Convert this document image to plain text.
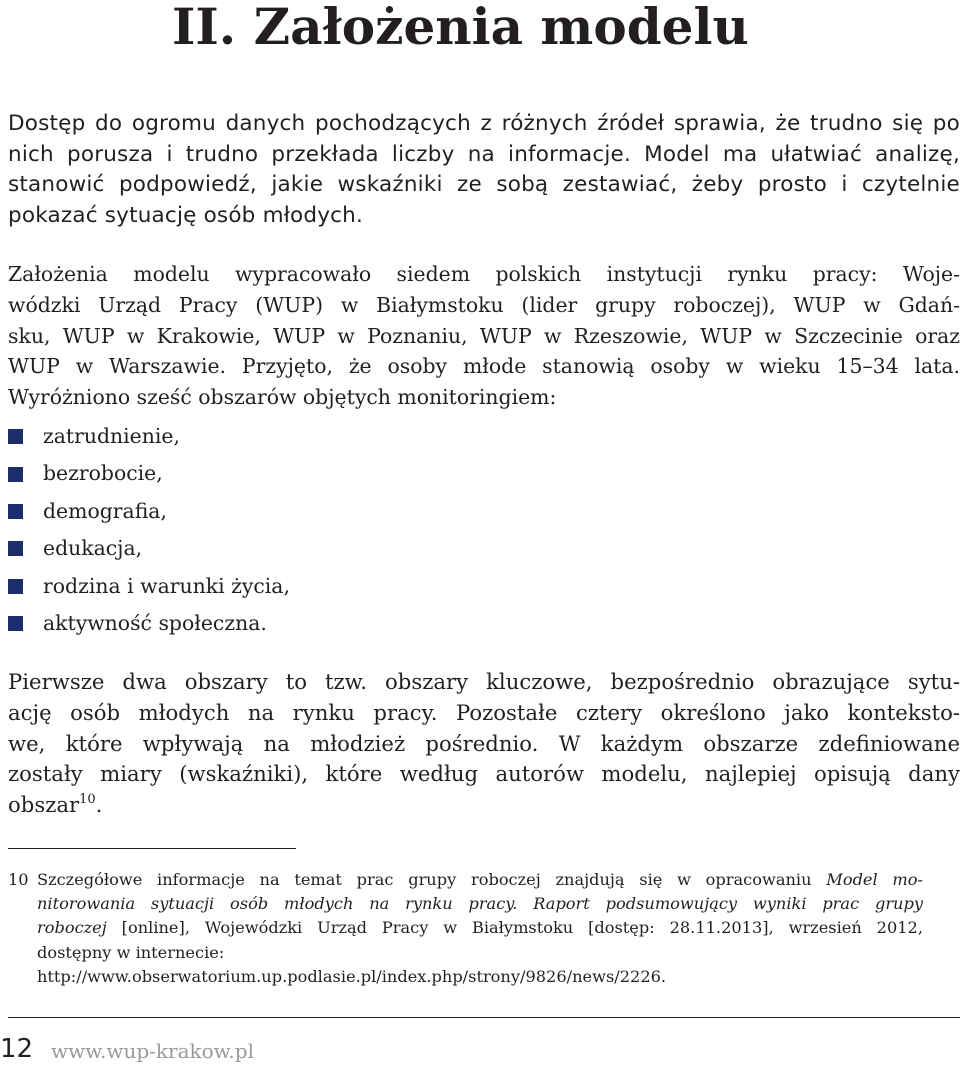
II. Założenia modelu

Dostęp do ogromu danych pochodzących z różnych źródeł sprawia, że trudno się po nich porusza i trudno przekłada liczby na informacje. Model ma ułatwiać analizę, stanowić podpowiedź, jakie wskaźniki ze sobą zestawiać, żeby prosto i czytelnie pokazać sytuację osób młodych.

Założenia modelu wypracowało siedem polskich instytucji rynku pracy: Woje-
wódzki Urząd Pracy (WUP) w Białymstoku (lider grupy roboczej), WUP w Gdań-
sku, WUP w Krakowie, WUP w Poznaniu, WUP w Rzeszowie, WUP w Szczecinie oraz
WUP w Warszawie. Przyjęto, że osoby młode stanowią osoby w wieku 15–34 lata.
Wyróżniono sześć obszarów objętych monitoringiem:

zatrudnienie,
bezrobocie,
demografia,
edukacja,
rodzina i warunki życia,
aktywność społeczna.

Pierwsze dwa obszary to tzw. obszary kluczowe, bezpośrednio obrazujące sytu-
ację osób młodych na rynku pracy. Pozostałe cztery określono jako konteksto-
we, które wpływają na młodzież pośrednio. W każdym obszarze zdefiniowane
zostały miary (wskaźniki), które według autorów modelu, najlepiej opisują dany
obszar$^{10}$.

10 Szczegółowe informacje na temat prac grupy roboczej znajdują się w opracowaniu Model mo-
nitorowania sytuacji osób młodych na rynku pracy. Raport podsumowujący wyniki prac grupy
roboczej [online], Wojewódzki Urząd Pracy w Białymstoku [dostęp: 28.11.2013], wrzesień 2012,
dostępny w internecie:
http://www.obserwatorium.up.podlasie.pl/index.php/strony/9826/news/2226.
12 www.wup-krakow.pl
